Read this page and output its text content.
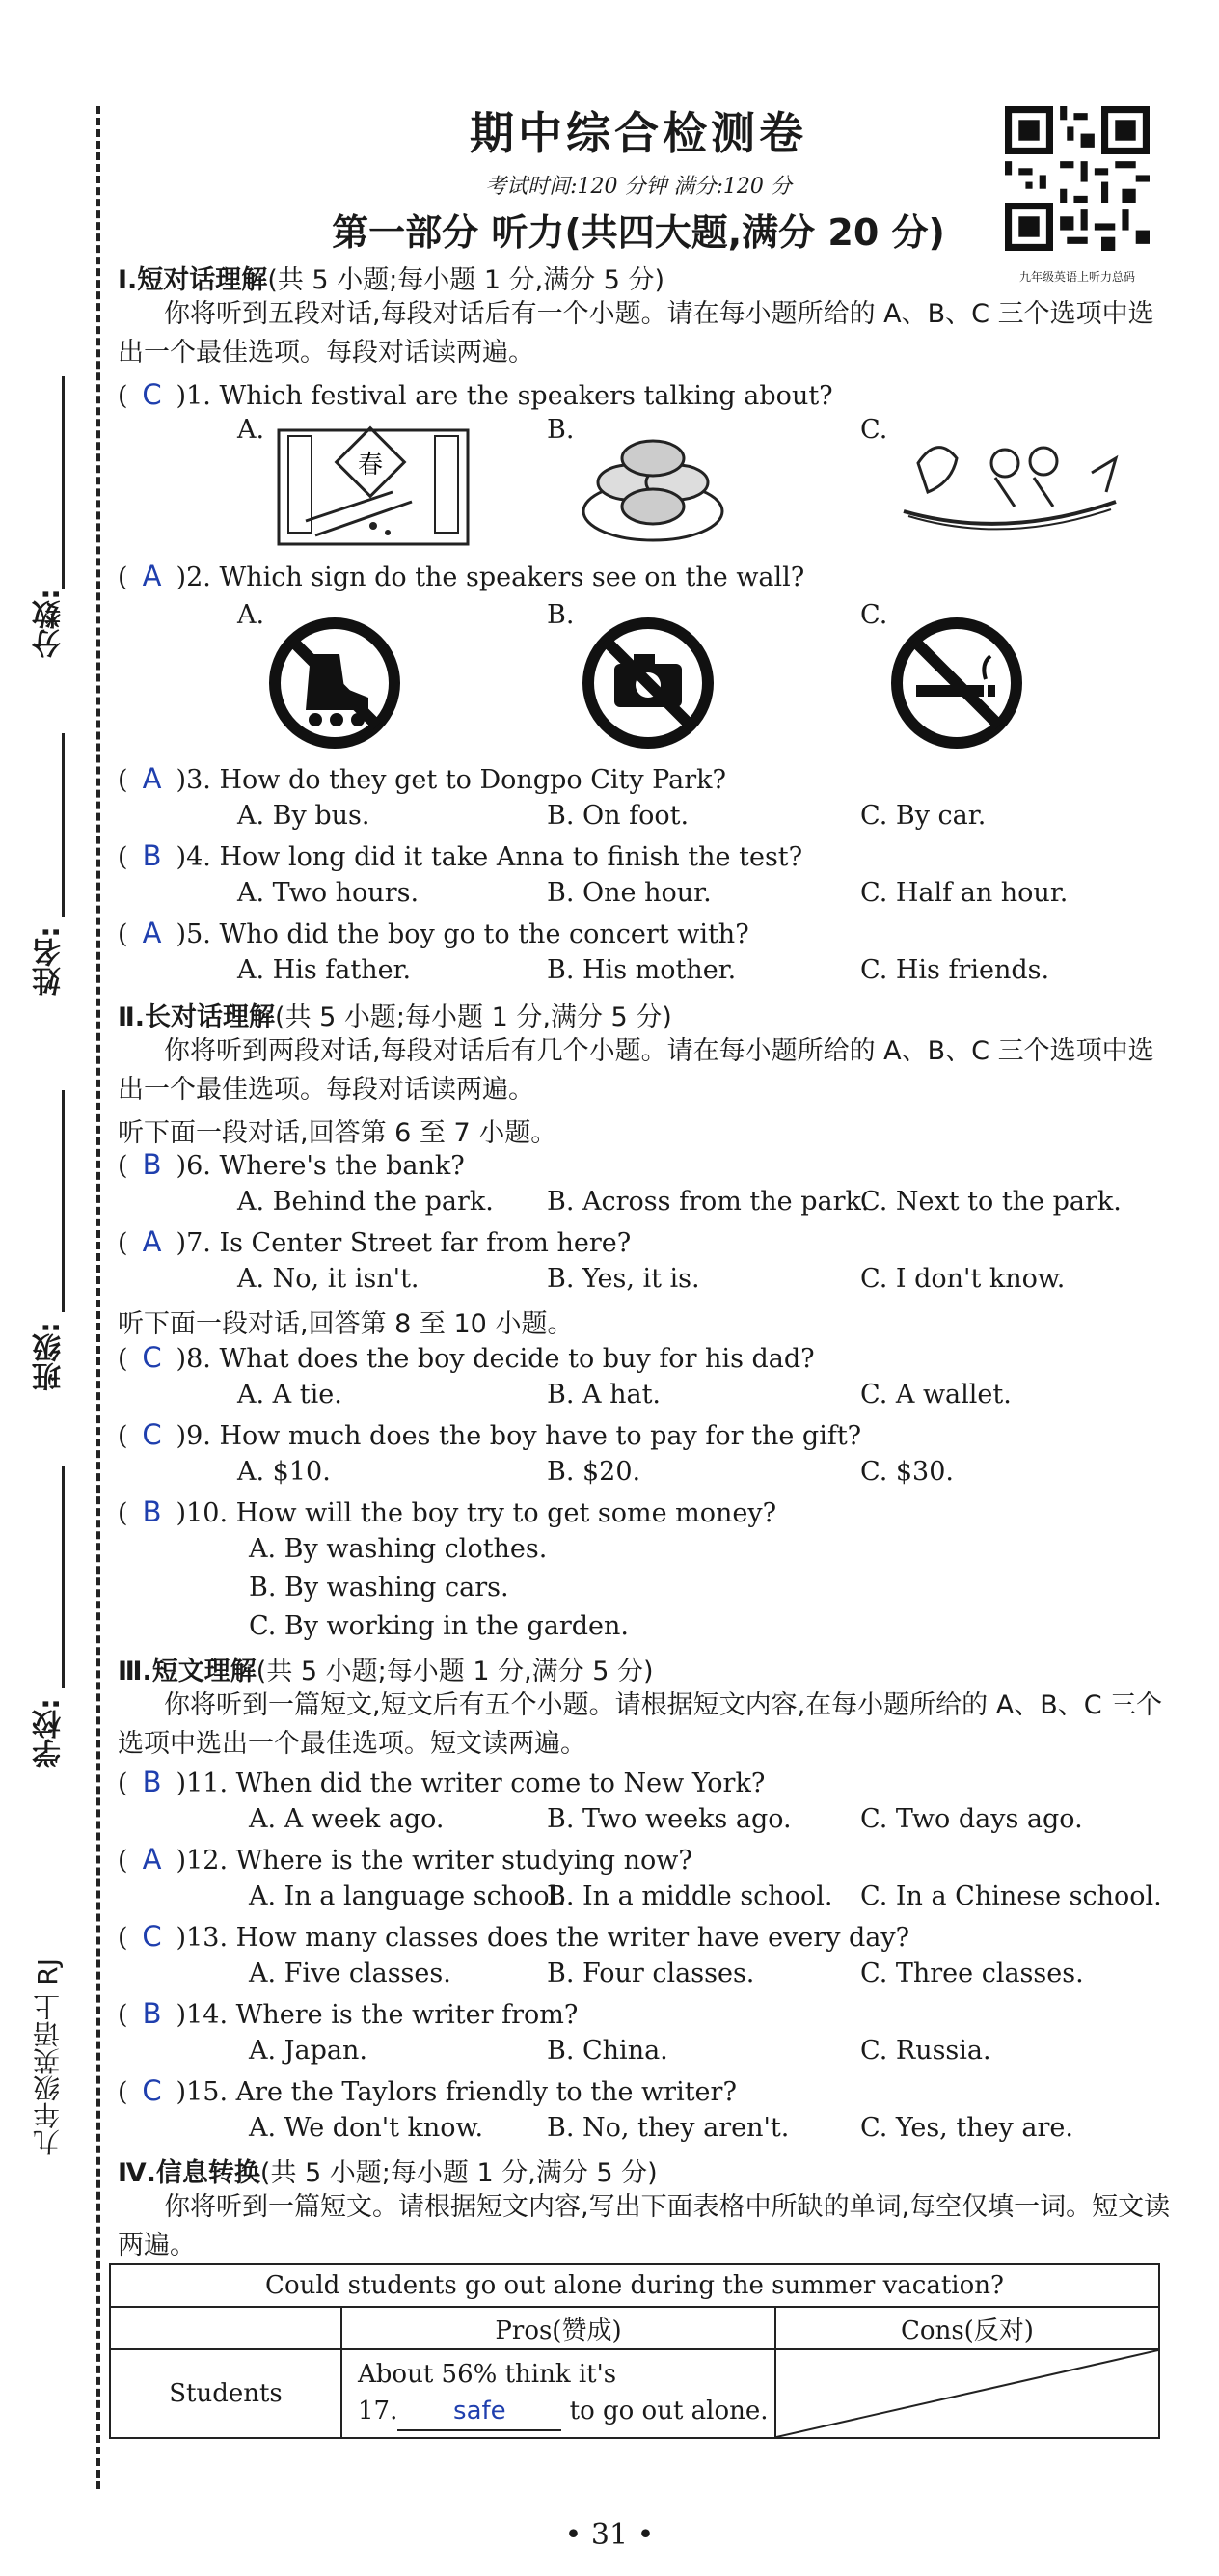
分数:
姓名:
班级:
学校:
九年级英语上 RJ
期中综合检测卷
考试时间:120 分钟 满分:120 分
第一部分 听力(共四大题,满分 20 分)
九年级英语上听力总码
Ⅰ.短对话理解(共 5 小题;每小题 1 分,满分 5 分)
你将听到五段对话,每段对话后有一个小题。请在每小题所给的 A、B、C 三个选项中选出一个最佳选项。每段对话读两遍。
( C )1. Which festival are the speakers talking about?
A.	B.	C.
春
( A )2. Which sign do the speakers see on the wall?
A.	B.	C.
( A )3. How do they get to Dongpo City Park?
A. By bus.	B. On foot.	C. By car.
( B )4. How long did it take Anna to finish the test?
A. Two hours.	B. One hour.	C. Half an hour.
( A )5. Who did the boy go to the concert with?
A. His father.	B. His mother.	C. His friends.
Ⅱ.长对话理解(共 5 小题;每小题 1 分,满分 5 分)
你将听到两段对话,每段对话后有几个小题。请在每小题所给的 A、B、C 三个选项中选出一个最佳选项。每段对话读两遍。
听下面一段对话,回答第 6 至 7 小题。
( B )6. Where's the bank?
A. Behind the park. B. Across from the park.
C. Next to the park.
( A )7. Is Center Street far from here?
A. No, it isn't.	B. Yes, it is.	C. I don't know.
听下面一段对话,回答第 8 至 10 小题。
( C )8. What does the boy decide to buy for his dad?
A. A tie.	B. A hat.	C. A wallet.
( C )9. How much does the boy have to pay for the gift?
A. $10.	B. $20.	C. $30.
( B )10. How will the boy try to get some money?
A. By washing clothes.
B. By washing cars.
C. By working in the garden.
Ⅲ.短文理解(共 5 小题;每小题 1 分,满分 5 分)
你将听到一篇短文,短文后有五个小题。请根据短文内容,在每小题所给的 A、B、C 三个选项中选出一个最佳选项。短文读两遍。
( B )11. When did the writer come to New York?
A. A week ago.	B. Two weeks ago.	C. Two days ago.
( A )12. Where is the writer studying now?
A. In a language school.
B. In a middle school. C. In a Chinese school.
( C )13. How many classes does the writer have every day?
A. Five classes.	B. Four classes.	C. Three classes.
( B )14. Where is the writer from?
A. Japan.	B. China.	C. Russia.
( C )15. Are the Taylors friendly to the writer?
A. We don't know. B. No, they aren't.	C. Yes, they are.
Ⅳ.信息转换(共 5 小题;每小题 1 分,满分 5 分)
你将听到一篇短文。请根据短文内容,写出下面表格中所缺的单词,每空仅填一词。短文读两遍。
Could students go out alone during the summer vacation?		
	Pros(赞成)	Cons(反对)
Students	About 56% think it's
17. safe to go out alone.

• 31 •
